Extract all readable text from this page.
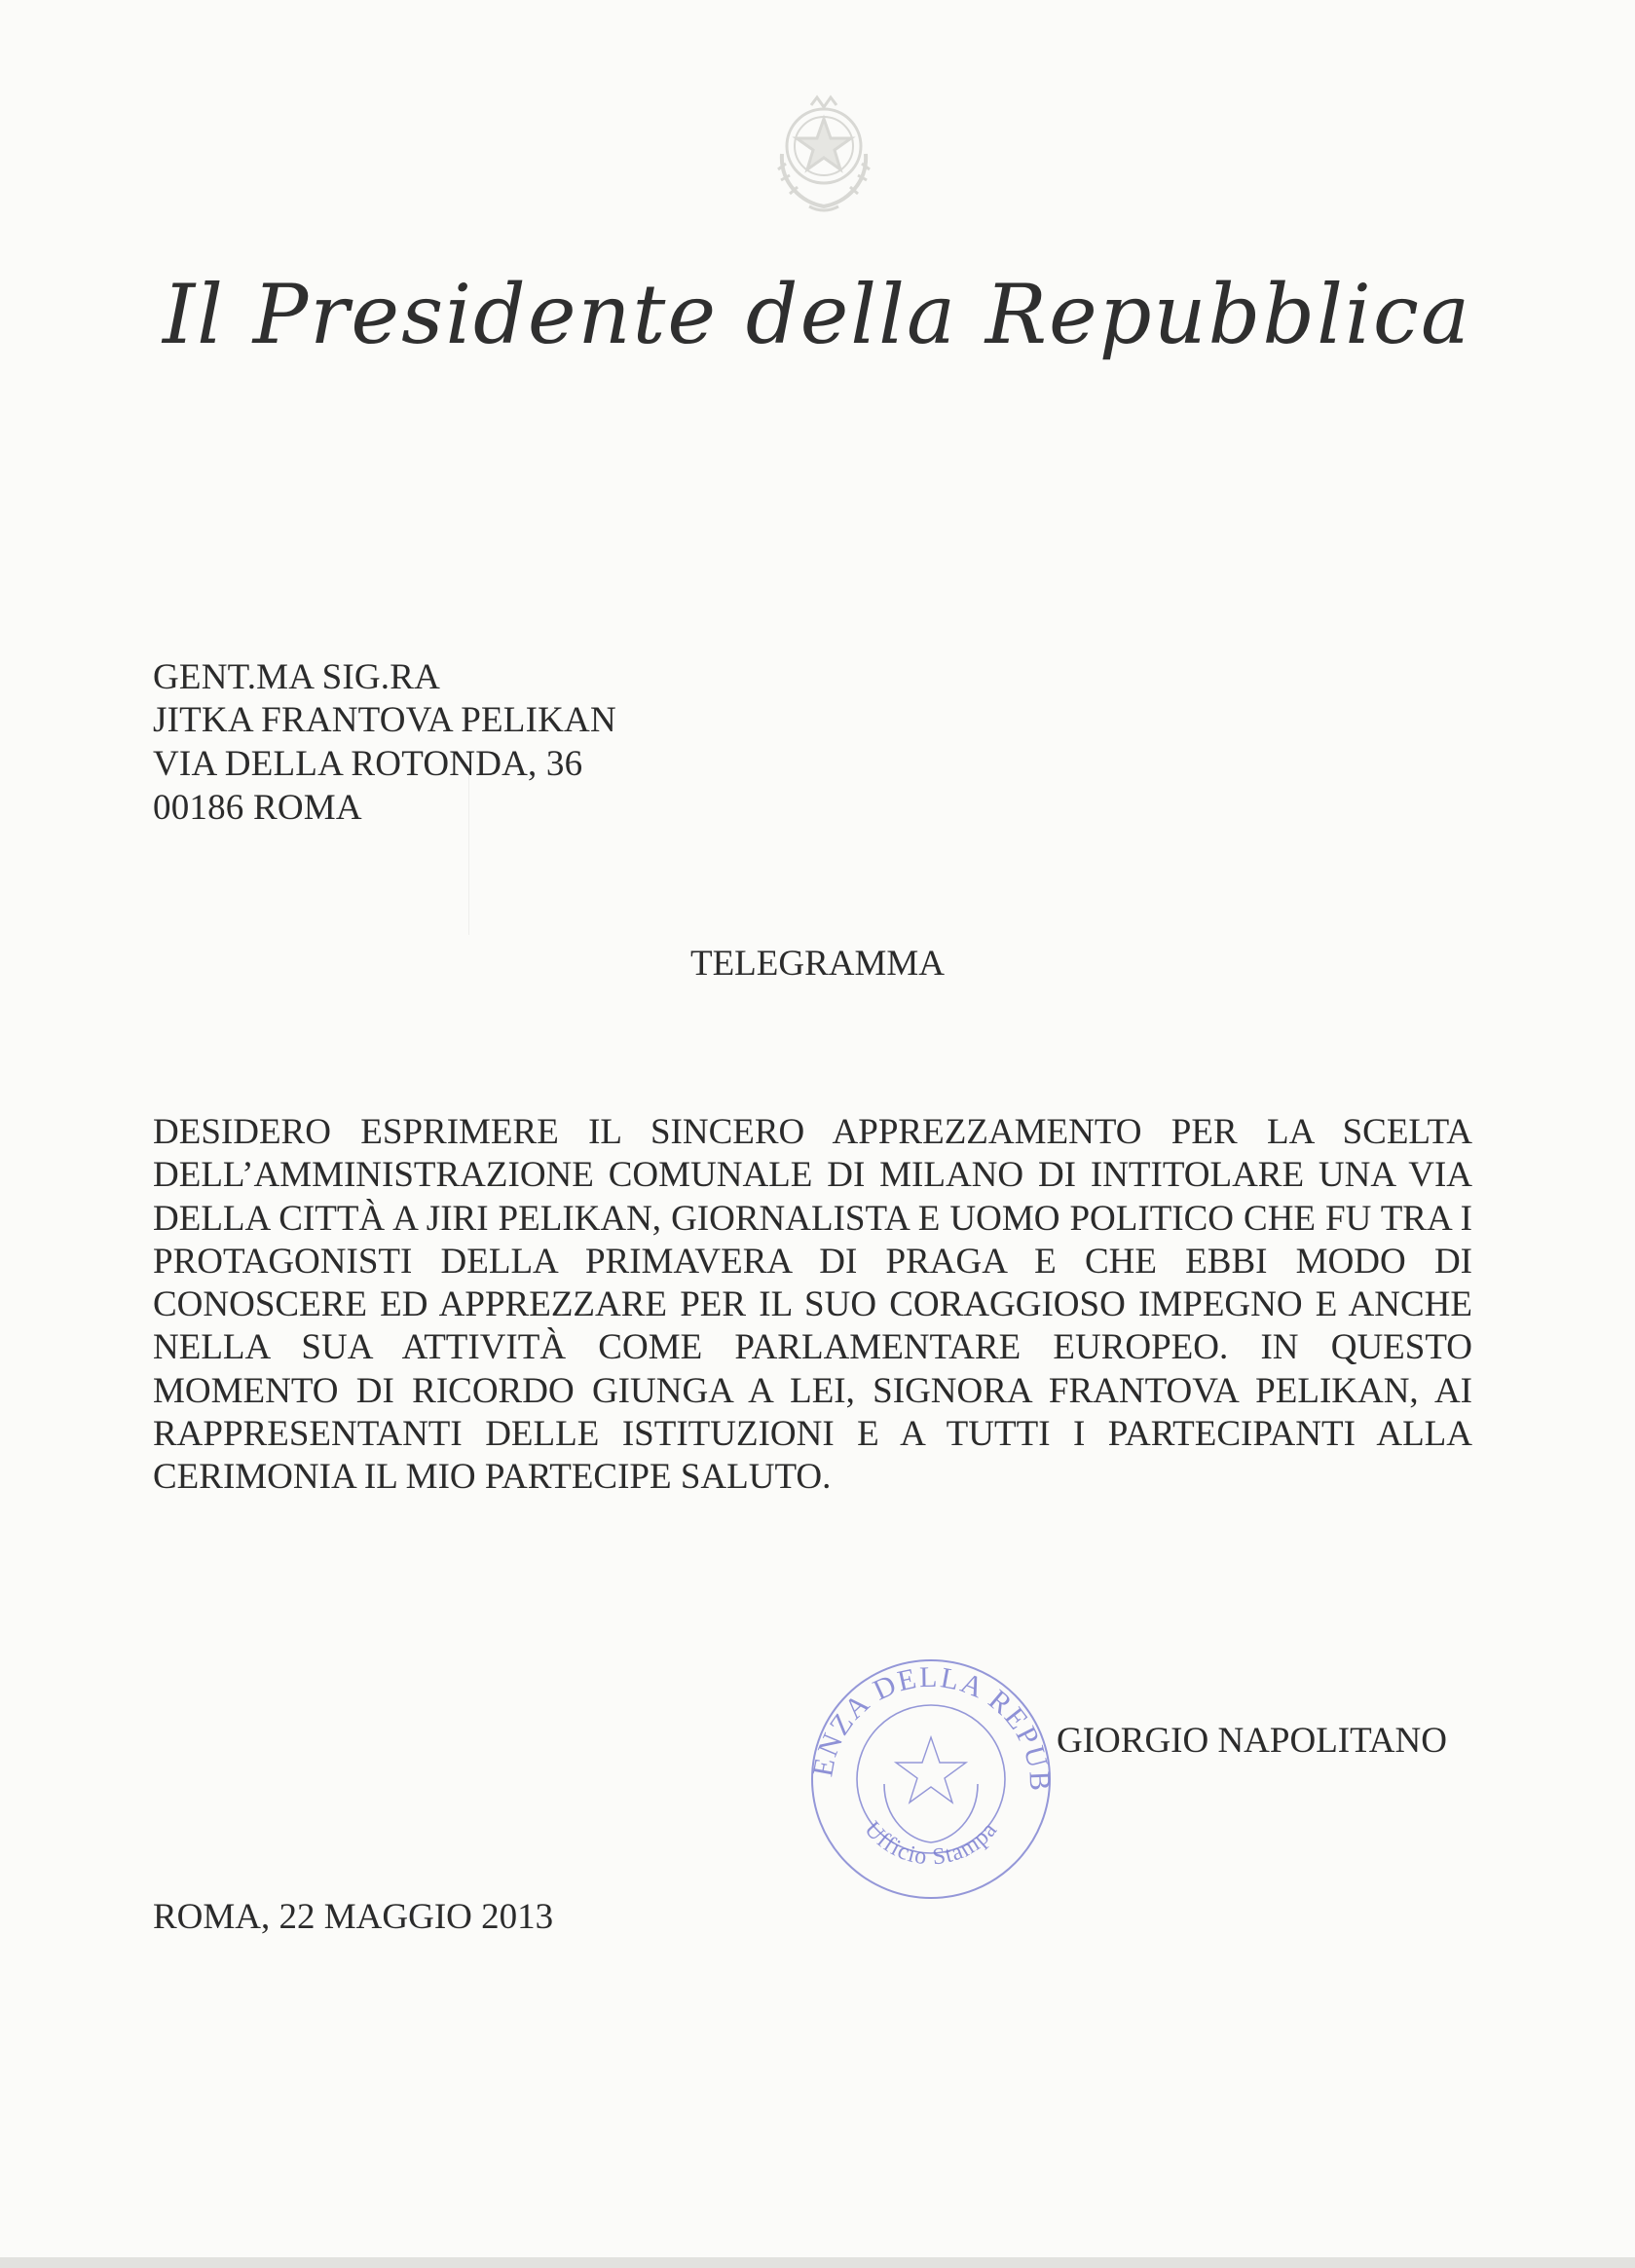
Il Presidente della Repubblica
GENT.MA SIG.RA
JITKA FRANTOVA PELIKAN
VIA DELLA ROTONDA, 36
00186 ROMA
TELEGRAMMA
DESIDERO ESPRIMERE IL SINCERO APPREZZAMENTO PER LA SCELTA DELL’AMMINISTRAZIONE COMUNALE DI MILANO DI INTITOLARE UNA VIA DELLA CITTÀ A JIRI PELIKAN, GIORNALISTA E UOMO POLITICO CHE FU TRA I PROTAGONISTI DELLA PRIMAVERA DI PRAGA E CHE EBBI MODO DI CONOSCERE ED APPREZZARE PER IL SUO CORAGGIOSO IMPEGNO E ANCHE NELLA SUA ATTIVITÀ COME PARLAMENTARE EUROPEO. IN QUESTO MOMENTO DI RICORDO GIUNGA A LEI, SIGNORA FRANTOVA PELIKAN, AI RAPPRESENTANTI DELLE ISTITUZIONI E A TUTTI I PARTECIPANTI ALLA CERIMONIA IL MIO PARTECIPE SALUTO.
ENZA DELLA REPUB
Ufficio Stampa
GIORGIO NAPOLITANO
ROMA, 22 MAGGIO 2013
